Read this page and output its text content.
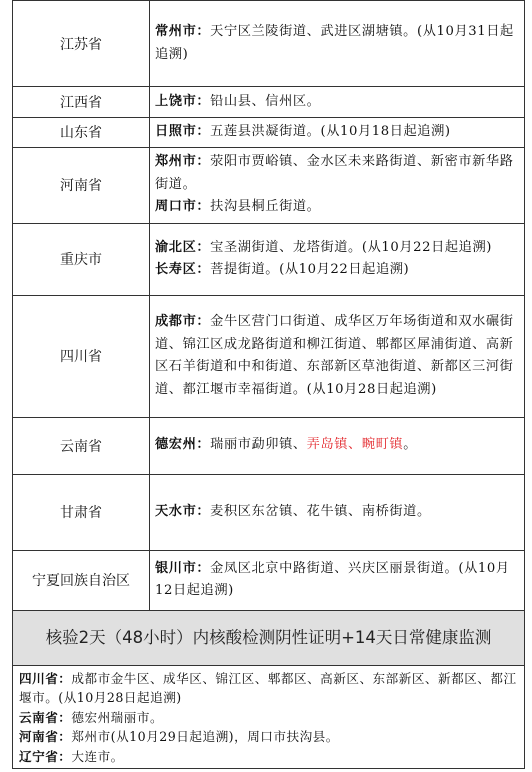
江苏省	常州市：天宁区兰陵街道、武进区湖塘镇。(从10月31日起追溯)

江西省	上饶市：铅山县、信州区。

山东省	日照市：五莲县洪凝街道。(从10月18日起追溯)

河南省	郑州市：荥阳市贾峪镇、金水区未来路街道、新密市新华路街道。
周口市：扶沟县桐丘街道。

重庆市	渝北区：宝圣湖街道、龙塔街道。(从10月22日起追溯)
长寿区：菩提街道。(从10月22日起追溯)

四川省	成都市：金牛区营门口街道、成华区万年场街道和双水碾街道、锦江区成龙路街道和柳江街道、郫都区犀浦街道、高新区石羊街道和中和街道、东部新区草池街道、新都区三河街道、都江堰市幸福街道。(从10月28日起追溯)

云南省	德宏州：瑞丽市勐卯镇、弄岛镇、畹町镇。

甘肃省	天水市：麦积区东岔镇、花牛镇、南桥街道。

宁夏回族自治区	银川市：金凤区北京中路街道、兴庆区丽景街道。(从10月12日起追溯)
核验2天（48小时）内核酸检测阴性证明+14天日常健康监测
四川省：成都市金牛区、成华区、锦江区、郫都区、高新区、东部新区、新都区、都江堰市。(从10月28日起追溯)
云南省：德宏州瑞丽市。
河南省：郑州市(从10月29日起追溯)，周口市扶沟县。
辽宁省：大连市。
